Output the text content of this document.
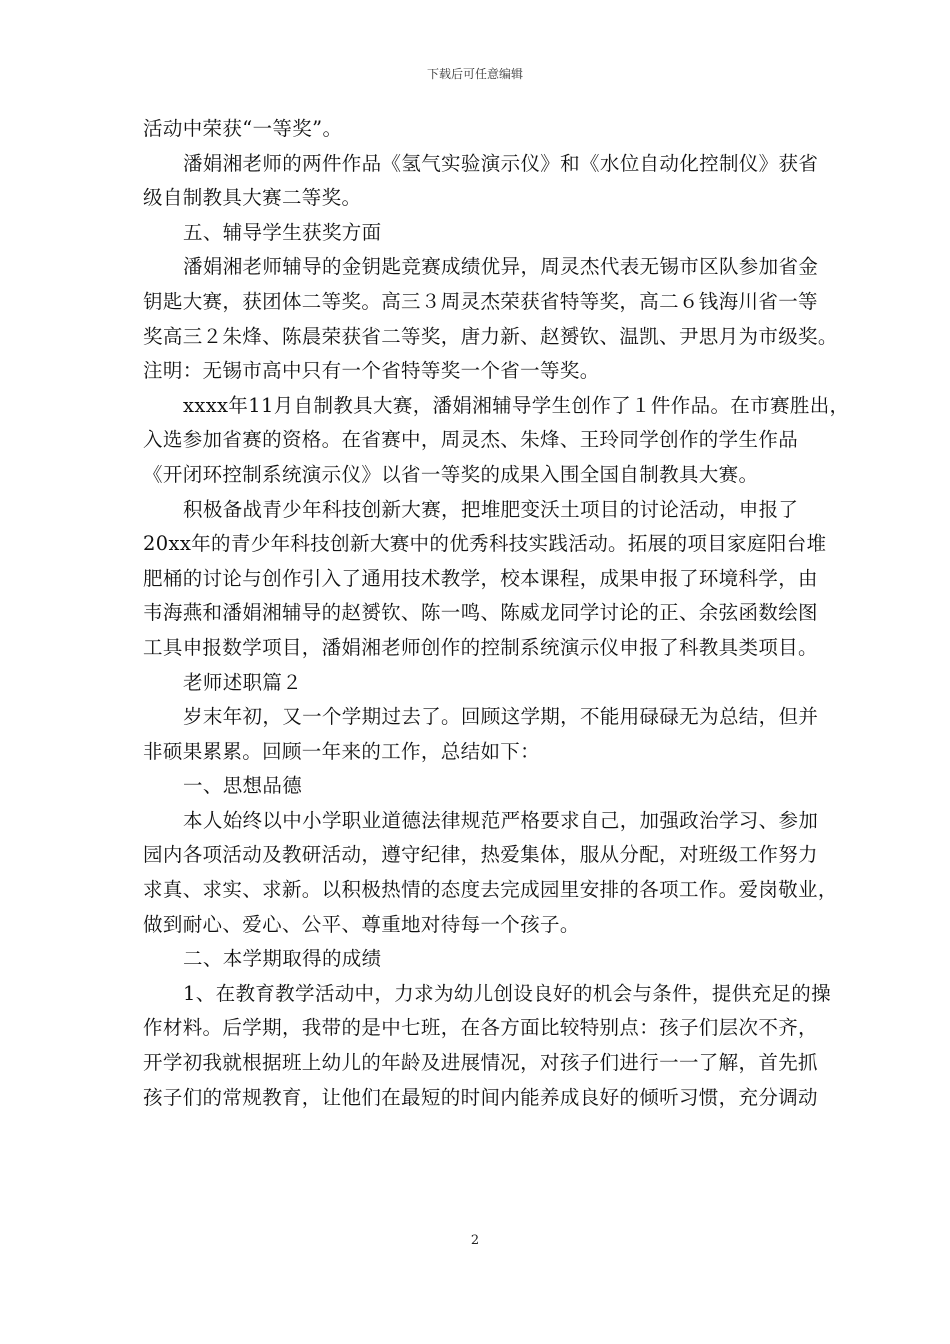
下载后可任意编辑
活动中荣获“一等奖”。
潘娟湘老师的两件作品《氢气实验演示仪》和《水位自动化控制仪》获省
级自制教具大赛二等奖。
五、辅导学生获奖方面
潘娟湘老师辅导的金钥匙竞赛成绩优异，周灵杰代表无锡市区队参加省金
钥匙大赛，获团体二等奖。高三３周灵杰荣获省特等奖，高二６钱海川省一等
奖高三２朱烽、陈晨荣获省二等奖，唐力新、赵赟钦、温凯、尹思月为市级奖。
注明：无锡市高中只有一个省特等奖一个省一等奖。
xxxx年11月自制教具大赛，潘娟湘辅导学生创作了１件作品。在市赛胜出，
入选参加省赛的资格。在省赛中，周灵杰、朱烽、王玲同学创作的学生作品
《开闭环控制系统演示仪》以省一等奖的成果入围全国自制教具大赛。
积极备战青少年科技创新大赛，把堆肥变沃土项目的讨论活动，申报了
20xx年的青少年科技创新大赛中的优秀科技实践活动。拓展的项目家庭阳台堆
肥桶的讨论与创作引入了通用技术教学，校本课程，成果申报了环境科学，由
韦海燕和潘娟湘辅导的赵赟钦、陈一鸣、陈威龙同学讨论的正、余弦函数绘图
工具申报数学项目，潘娟湘老师创作的控制系统演示仪申报了科教具类项目。
老师述职篇２
岁末年初，又一个学期过去了。回顾这学期，不能用碌碌无为总结，但并
非硕果累累。回顾一年来的工作，总结如下：
一、思想品德
本人始终以中小学职业道德法律规范严格要求自己，加强政治学习、参加
园内各项活动及教研活动，遵守纪律，热爱集体，服从分配，对班级工作努力
求真、求实、求新。以积极热情的态度去完成园里安排的各项工作。爱岗敬业，
做到耐心、爱心、公平、尊重地对待每一个孩子。
二、本学期取得的成绩
1、在教育教学活动中，力求为幼儿创设良好的机会与条件，提供充足的操
作材料。后学期，我带的是中七班，在各方面比较特别点：孩子们层次不齐，
开学初我就根据班上幼儿的年龄及进展情况，对孩子们进行一一了解，首先抓
孩子们的常规教育，让他们在最短的时间内能养成良好的倾听习惯，充分调动
2
